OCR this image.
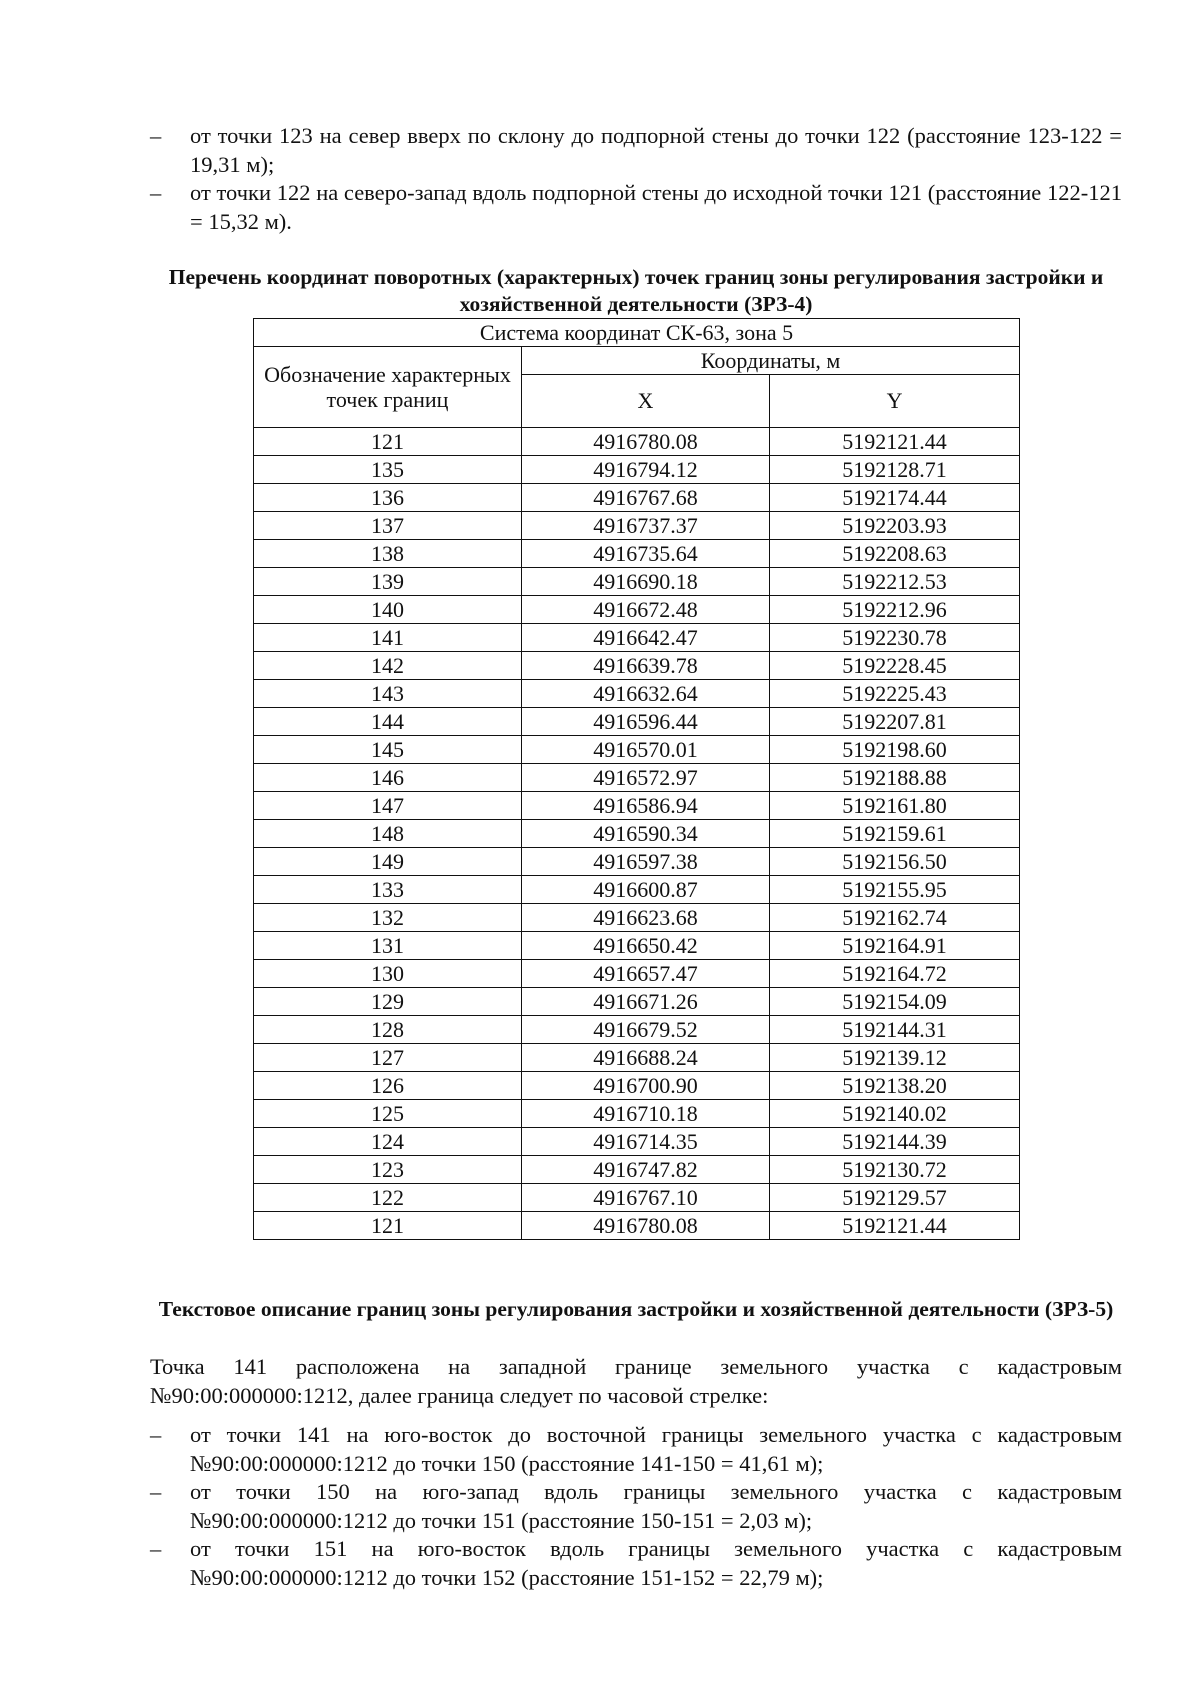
– от точки 123 на север вверх по склону до подпорной стены до точки 122 (расстояние 123-122 = 19,31 м);
– от точки 122 на северо-запад вдоль подпорной стены до исходной точки 121 (расстояние 122-121 = 15,32 м).
Перечень координат поворотных (характерных) точек границ зоны регулирования застройки и хозяйственной деятельности (ЗРЗ-4)
Система координат СК-63, зона 5		
Обозначение характерных точек границ	Координаты, м	
	X	Y
121	4916780.08	5192121.44
135	4916794.12	5192128.71
136	4916767.68	5192174.44
137	4916737.37	5192203.93
138	4916735.64	5192208.63
139	4916690.18	5192212.53
140	4916672.48	5192212.96
141	4916642.47	5192230.78
142	4916639.78	5192228.45
143	4916632.64	5192225.43
144	4916596.44	5192207.81
145	4916570.01	5192198.60
146	4916572.97	5192188.88
147	4916586.94	5192161.80
148	4916590.34	5192159.61
149	4916597.38	5192156.50
133	4916600.87	5192155.95
132	4916623.68	5192162.74
131	4916650.42	5192164.91
130	4916657.47	5192164.72
129	4916671.26	5192154.09
128	4916679.52	5192144.31
127	4916688.24	5192139.12
126	4916700.90	5192138.20
125	4916710.18	5192140.02
124	4916714.35	5192144.39
123	4916747.82	5192130.72
122	4916767.10	5192129.57
121	4916780.08	5192121.44
Текстовое описание границ зоны регулирования застройки и хозяйственной деятельности (ЗРЗ-5)

Точка 141 расположена на западной границе земельного участка с кадастровым №90:00:000000:1212, далее граница следует по часовой стрелке:

– от точки 141 на юго-восток до восточной границы земельного участка с кадастровым №90:00:000000:1212 до точки 150 (расстояние 141-150 = 41,61 м);
– от точки 150 на юго-запад вдоль границы земельного участка с кадастровым №90:00:000000:1212 до точки 151 (расстояние 150-151 = 2,03 м);
– от точки 151 на юго-восток вдоль границы земельного участка с кадастровым №90:00:000000:1212 до точки 152 (расстояние 151-152 = 22,79 м);
